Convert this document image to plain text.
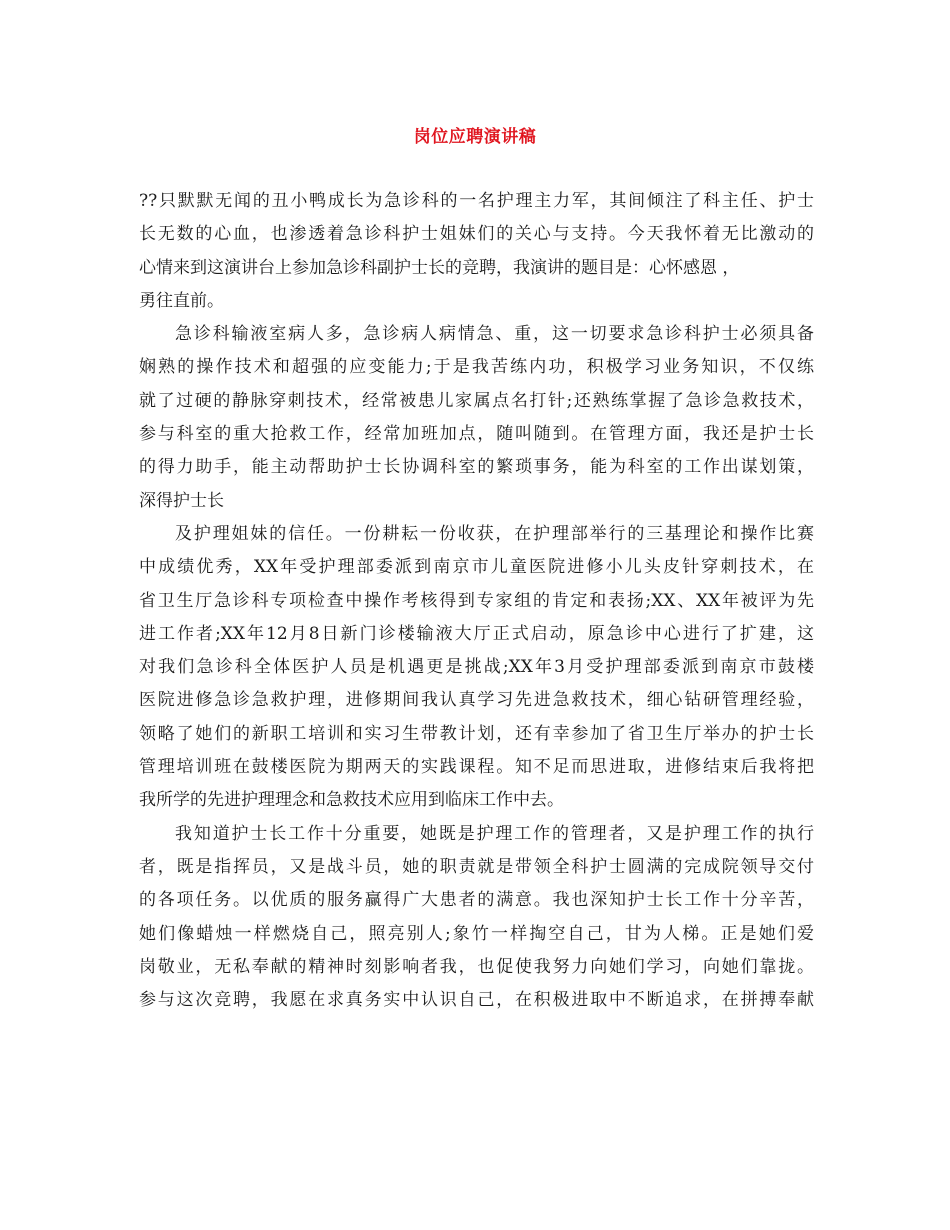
岗位应聘演讲稿
??只默默无闻的丑小鸭成长为急诊科的一名护理主力军，其间倾注了科主任、护士
长无数的心血，也渗透着急诊科护士姐妹们的关心与支持。今天我怀着无比激动的
心情来到这演讲台上参加急诊科副护士长的竞聘，我演讲的题目是：心怀感恩 ，
勇往直前。
急诊科输液室病人多，急诊病人病情急、重，这一切要求急诊科护士必须具备
娴熟的操作技术和超强的应变能力;于是我苦练内功，积极学习业务知识，不仅练
就了过硬的静脉穿刺技术，经常被患儿家属点名打针;还熟练掌握了急诊急救技术，
参与科室的重大抢救工作，经常加班加点，随叫随到。在管理方面，我还是护士长
的得力助手，能主动帮助护士长协调科室的繁琐事务，能为科室的工作出谋划策，
深得护士长
及护理姐妹的信任。一份耕耘一份收获，在护理部举行的三基理论和操作比赛
中成绩优秀，XX年受护理部委派到南京市儿童医院进修小儿头皮针穿刺技术，在
省卫生厅急诊科专项检查中操作考核得到专家组的肯定和表扬;XX、XX年被评为先
进工作者;XX年12月8日新门诊楼输液大厅正式启动，原急诊中心进行了扩建，这
对我们急诊科全体医护人员是机遇更是挑战;XX年3月受护理部委派到南京市鼓楼
医院进修急诊急救护理，进修期间我认真学习先进急救技术，细心钻研管理经验，
领略了她们的新职工培训和实习生带教计划，还有幸参加了省卫生厅举办的护士长
管理培训班在鼓楼医院为期两天的实践课程。知不足而思进取，进修结束后我将把
我所学的先进护理理念和急救技术应用到临床工作中去。
我知道护士长工作十分重要，她既是护理工作的管理者，又是护理工作的执行
者，既是指挥员，又是战斗员，她的职责就是带领全科护士圆满的完成院领导交付
的各项任务。以优质的服务赢得广大患者的满意。我也深知护士长工作十分辛苦，
她们像蜡烛一样燃烧自己，照亮别人;象竹一样掏空自己，甘为人梯。正是她们爱
岗敬业，无私奉献的精神时刻影响者我，也促使我努力向她们学习，向她们靠拢。
参与这次竞聘，我愿在求真务实中认识自己，在积极进取中不断追求，在拼搏奉献
